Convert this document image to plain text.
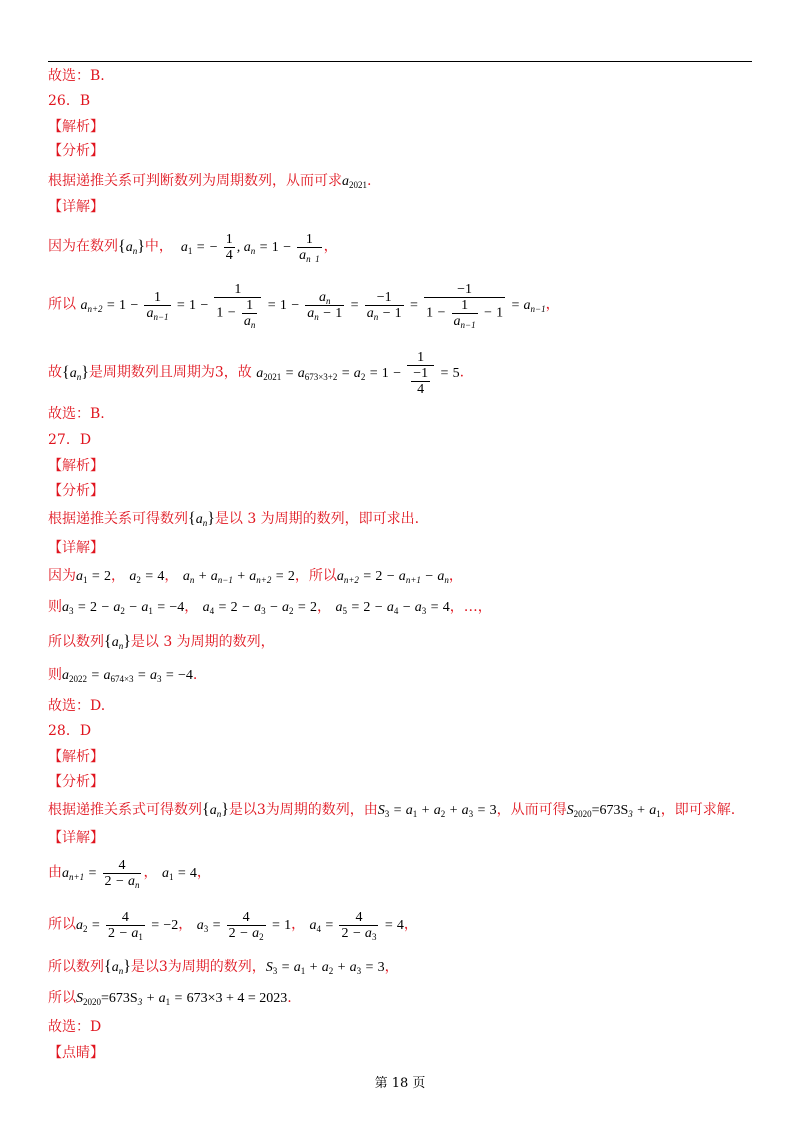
故选：B.
26．B
【解析】
【分析】
根据递推关系可判断数列为周期数列，从而可求$a_{2021}$.
【详解】
因为在数列$\{a_n\}$中，  $a_1$ = − $\frac{1}{4}$ , $a_n = 1 - \frac{1}{a_{n 1}}$ ，
所以 $a_{n+2} = 1 - \frac{1}{a_{n-1}} = 1 - \frac{1}{1 - \frac{1}{a_n}} = 1 - \frac{a_n}{a_n - 1} = \frac{-1}{a_n - 1} = \frac{-1}{1 - \frac{1}{a_{n-1}} - 1} = a_{n-1}$，
故$\{a_n\}$是周期数列且周期为3，故 $a_{2021} = a_{673\times 3+2} = a_2 = 1 - \frac{1}{\frac{-1}{4}} = 5$.
故选：B.
27．D
【解析】
【分析】
根据递推关系可得数列$\{a_n\}$是以 3 为周期的数列，即可求出.
【详解】
因为$a_1 = 2$， $a_2 = 4$， $a_n + a_{n-1} + a_{n+2} = 2$，所以$a_{n+2} = 2 - a_{n+1} - a_n$，
则$a_3 = 2 - a_2 - a_1 = -4$， $a_4 = 2 - a_3 - a_2 = 2$， $a_5 = 2 - a_4 - a_3 = 4$，…，
所以数列$\{a_n\}$是以 3 为周期的数列，
则$a_{2022} = a_{674\times 3} = a_3 = -4$.
故选：D.
28．D
【解析】
【分析】
根据递推关系式可得数列$\{a_n\}$是以3为周期的数列，由$S_3 = a_1 + a_2 + a_3 = 3$，从而可得$S_{2020}=673S_3 + a_1$，即可求解.
【详解】
由$a_{n+1} = \frac{4}{2 - a_n}$ ， $a_1 = 4$，
所以$a_2 = \frac{4}{2 - a_1} = -2$， $a_3 = \frac{4}{2 - a_2} = 1$， $a_4 = \frac{4}{2 - a_3} = 4$，
所以数列$\{a_n\}$是以3为周期的数列，$S_3 = a_1 + a_2 + a_3 = 3$，
所以$S_{2020}=673S_3 + a_1 = 673\times 3 + 4 = 2023$.
故选：D
【点睛】
第 18 页
